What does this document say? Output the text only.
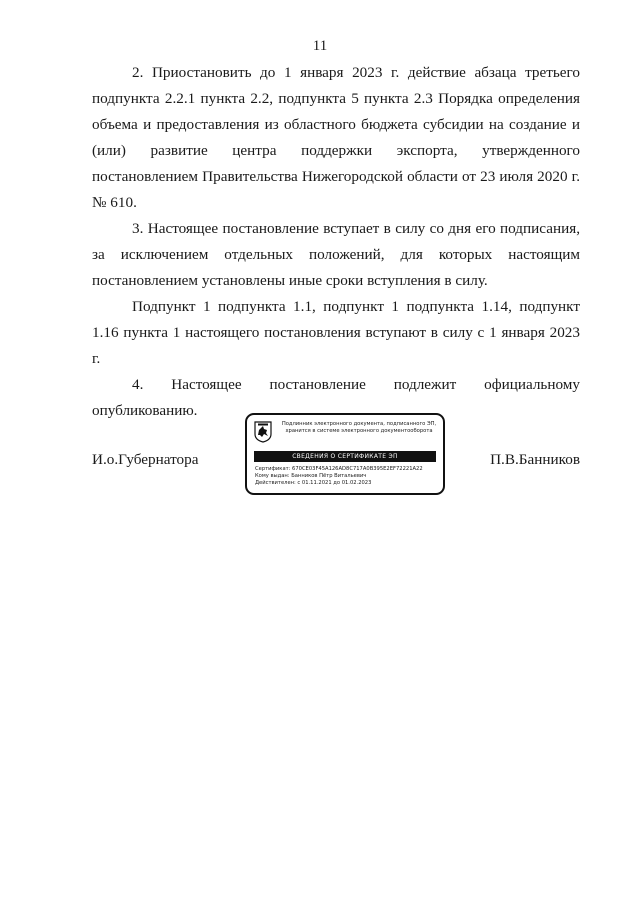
11

2. Приостановить до 1 января 2023 г. действие абзаца третьего подпункта 2.2.1 пункта 2.2, подпункта 5 пункта 2.3 Порядка определения объема и предоставления из областного бюджета субсидии на создание и (или) развитие центра поддержки экспорта, утвержденного постановлением Правительства Нижегородской области от 23 июля 2020 г. № 610.

3. Настоящее постановление вступает в силу со дня его подписания, за исключением отдельных положений, для которых настоящим постановлением установлены иные сроки вступления в силу.

Подпункт 1 подпункта 1.1, подпункт 1 подпункта 1.14, подпункт 1.16 пункта 1 настоящего постановления вступают в силу с 1 января 2023 г.

4. Настоящее постановление подлежит официальному опубликованию.

И.о.Губернатора
Подлинник электронного документа, подписанного ЭП,
хранится в системе электронного документооборота
СВЕДЕНИЯ О СЕРТИФИКАТЕ ЭП
Сертификат: 670CE03F45A126AD8C717A0B395E2EF72221A22
Кому выдан: Банников Пётр Витальевич
Действителен: с 01.11.2021 до 01.02.2023
П.В.Банников
